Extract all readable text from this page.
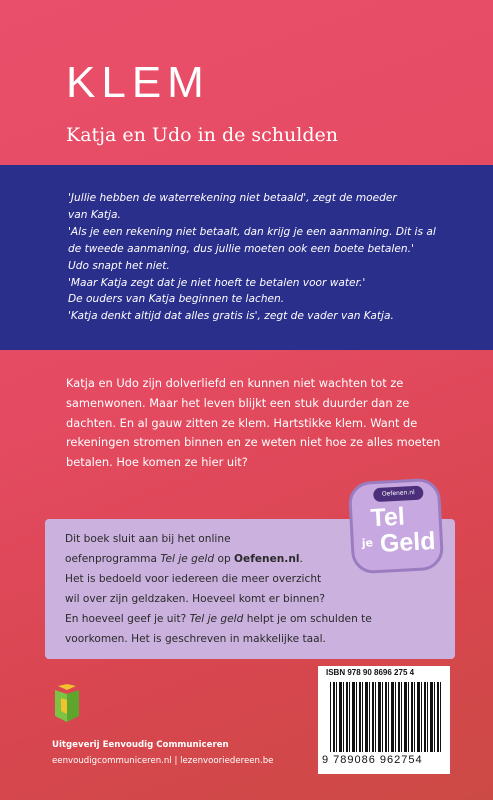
KLEM
Katja en Udo in de schulden
'Jullie hebben de waterrekening niet betaald', zegt de moeder
van Katja.
'Als je een rekening niet betaalt, dan krijg je een aanmaning. Dit is al
de tweede aanmaning, dus jullie moeten ook een boete betalen.'
Udo snapt het niet.
'Maar Katja zegt dat je niet hoeft te betalen voor water.'
De ouders van Katja beginnen te lachen.
'Katja denkt altijd dat alles gratis is', zegt de vader van Katja.
Katja en Udo zijn dolverliefd en kunnen niet wachten tot ze
samenwonen. Maar het leven blijkt een stuk duurder dan ze
dachten. En al gauw zitten ze klem. Hartstikke klem. Want de
rekeningen stromen binnen en ze weten niet hoe ze alles moeten
betalen. Hoe komen ze hier uit?
Dit boek sluit aan bij het online
oefenprogramma Tel je geld op Oefenen.nl.
Het is bedoeld voor iedereen die meer overzicht
wil over zijn geldzaken. Hoeveel komt er binnen?
En hoeveel geef je uit? Tel je geld helpt je om schulden te
voorkomen. Het is geschreven in makkelijke taal.
Oefenen.nl
Tel
je Geld
Uitgeverij Eenvoudig Communiceren
eenvoudigcommuniceren.nl | lezenvooriedereen.be
ISBN 978 90 8696 275 4
9 789086 962754
